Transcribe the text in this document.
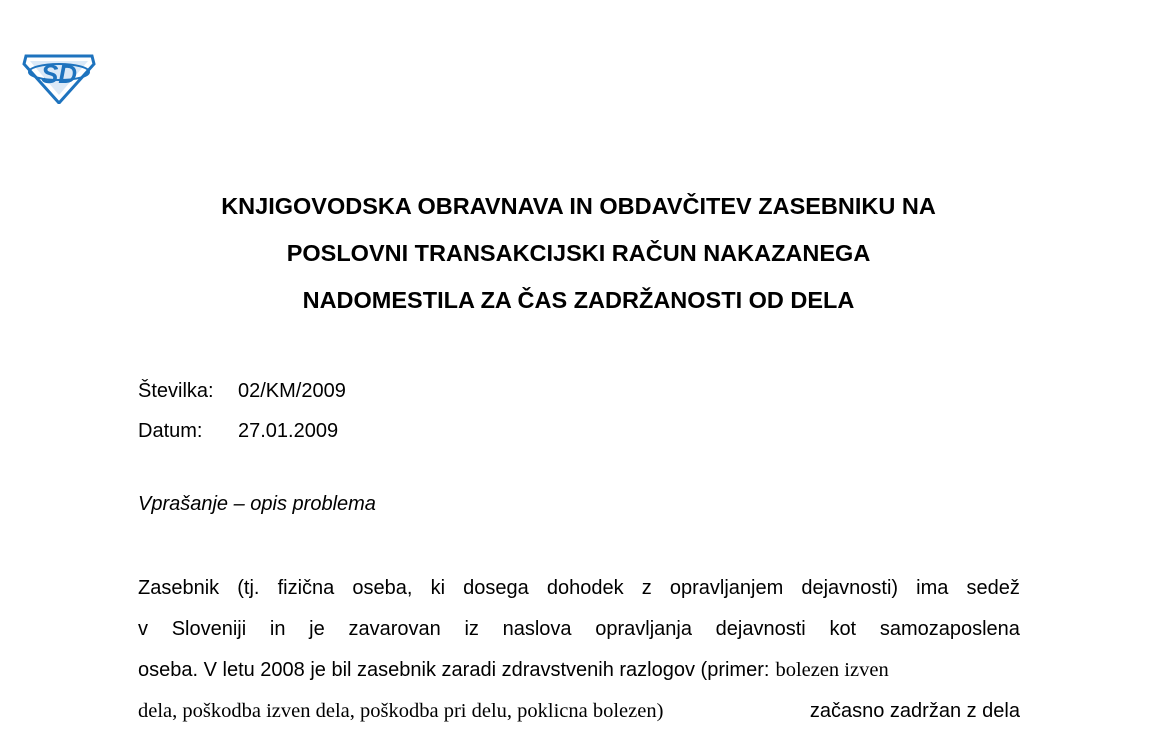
SD
KNJIGOVODSKA OBRAVNAVA IN OBDAVČITEV ZASEBNIKU NA
POSLOVNI TRANSAKCIJSKI RAČUN NAKAZANEGA
NADOMESTILA ZA ČAS ZADRŽANOSTI OD DELA
Številka:	02/KM/2009
Datum:	27.01.2009
Vprašanje – opis problema
Zasebnik (tj. fizična oseba, ki dosega dohodek z opravljanjem dejavnosti) ima sedež
v Sloveniji in je zavarovan iz naslova opravljanja dejavnosti kot samozaposlena
oseba. V letu 2008 je bil zasebnik zaradi zdravstvenih razlogov (primer: bolezen izven
dela, poškodba izven dela, poškodba pri delu, poklicna bolezen)	začasno zadržan z dela
